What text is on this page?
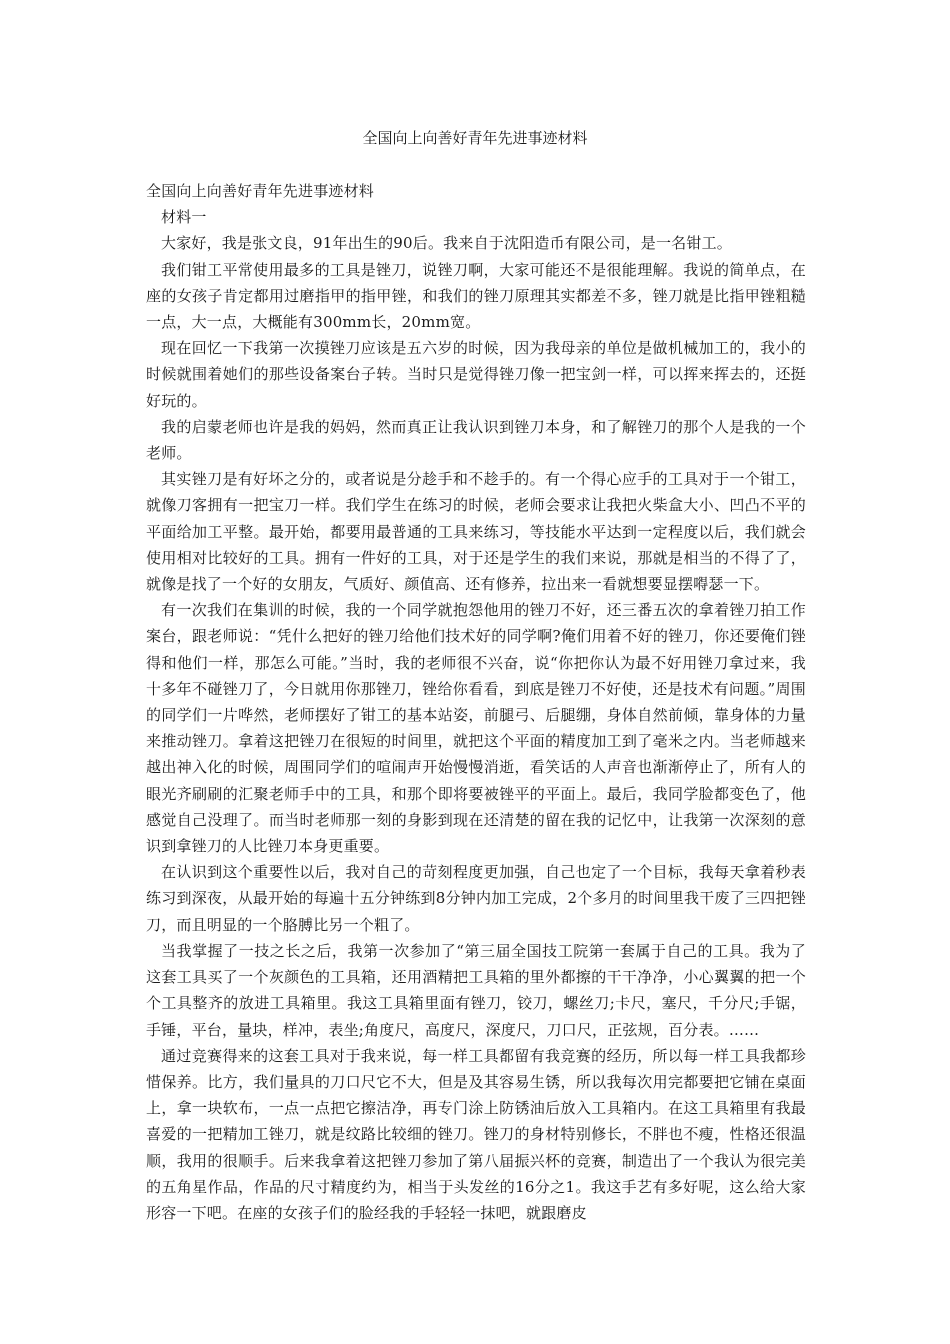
全国向上向善好青年先进事迹材料

全国向上向善好青年先进事迹材料

材料一

大家好，我是张文良，91年出生的90后。我来自于沈阳造币有限公司，是一名钳工。

我们钳工平常使用最多的工具是锉刀，说锉刀啊，大家可能还不是很能理解。我说的简单点，在座的女孩子肯定都用过磨指甲的指甲锉，和我们的锉刀原理其实都差不多，锉刀就是比指甲锉粗糙一点，大一点，大概能有300mm长，20mm宽。

现在回忆一下我第一次摸锉刀应该是五六岁的时候，因为我母亲的单位是做机械加工的，我小的时候就围着她们的那些设备案台子转。当时只是觉得锉刀像一把宝剑一样，可以挥来挥去的，还挺好玩的。

我的启蒙老师也许是我的妈妈，然而真正让我认识到锉刀本身，和了解锉刀的那个人是我的一个老师。

其实锉刀是有好坏之分的，或者说是分趁手和不趁手的。有一个得心应手的工具对于一个钳工，就像刀客拥有一把宝刀一样。我们学生在练习的时候，老师会要求让我把火柴盒大小、凹凸不平的平面给加工平整。最开始，都要用最普通的工具来练习，等技能水平达到一定程度以后，我们就会使用相对比较好的工具。拥有一件好的工具，对于还是学生的我们来说，那就是相当的不得了了，就像是找了一个好的女朋友，气质好、颜值高、还有修养，拉出来一看就想要显摆嘚瑟一下。

有一次我们在集训的时候，我的一个同学就抱怨他用的锉刀不好，还三番五次的拿着锉刀拍工作案台，跟老师说：“凭什么把好的锉刀给他们技术好的同学啊?俺们用着不好的锉刀，你还要俺们锉得和他们一样，那怎么可能。”当时，我的老师很不兴奋，说“你把你认为最不好用锉刀拿过来，我十多年不碰锉刀了，今日就用你那锉刀，锉给你看看，到底是锉刀不好使，还是技术有问题。”周围的同学们一片哗然，老师摆好了钳工的基本站姿，前腿弓、后腿绷，身体自然前倾，靠身体的力量来推动锉刀。拿着这把锉刀在很短的时间里，就把这个平面的精度加工到了毫米之内。当老师越来越出神入化的时候，周围同学们的喧闹声开始慢慢消逝，看笑话的人声音也渐渐停止了，所有人的眼光齐刷刷的汇聚老师手中的工具，和那个即将要被锉平的平面上。最后，我同学脸都变色了，他感觉自己没理了。而当时老师那一刻的身影到现在还清楚的留在我的记忆中，让我第一次深刻的意识到拿锉刀的人比锉刀本身更重要。

在认识到这个重要性以后，我对自己的苛刻程度更加强，自己也定了一个目标，我每天拿着秒表练习到深夜，从最开始的每遍十五分钟练到8分钟内加工完成，2个多月的时间里我干废了三四把锉刀，而且明显的一个胳膊比另一个粗了。

当我掌握了一技之长之后，我第一次参加了“第三届全国技工院第一套属于自己的工具。我为了这套工具买了一个灰颜色的工具箱，还用酒精把工具箱的里外都擦的干干净净，小心翼翼的把一个个工具整齐的放进工具箱里。我这工具箱里面有锉刀，铰刀，螺丝刀;卡尺，塞尺，千分尺;手锯，手锤，平台，量块，样冲，表坐;角度尺，高度尺，深度尺，刀口尺，正弦规，百分表。……

通过竞赛得来的这套工具对于我来说，每一样工具都留有我竞赛的经历，所以每一样工具我都珍惜保养。比方，我们量具的刀口尺它不大，但是及其容易生锈，所以我每次用完都要把它铺在桌面上，拿一块软布，一点一点把它擦洁净，再专门涂上防锈油后放入工具箱内。在这工具箱里有我最喜爱的一把精加工锉刀，就是纹路比较细的锉刀。锉刀的身材特别修长，不胖也不瘦，性格还很温顺，我用的很顺手。后来我拿着这把锉刀参加了第八届振兴杯的竞赛，制造出了一个我认为很完美的五角星作品，作品的尺寸精度约为，相当于头发丝的16分之1。我这手艺有多好呢，这么给大家形容一下吧。在座的女孩子们的脸经我的手轻轻一抹吧，就跟磨皮
